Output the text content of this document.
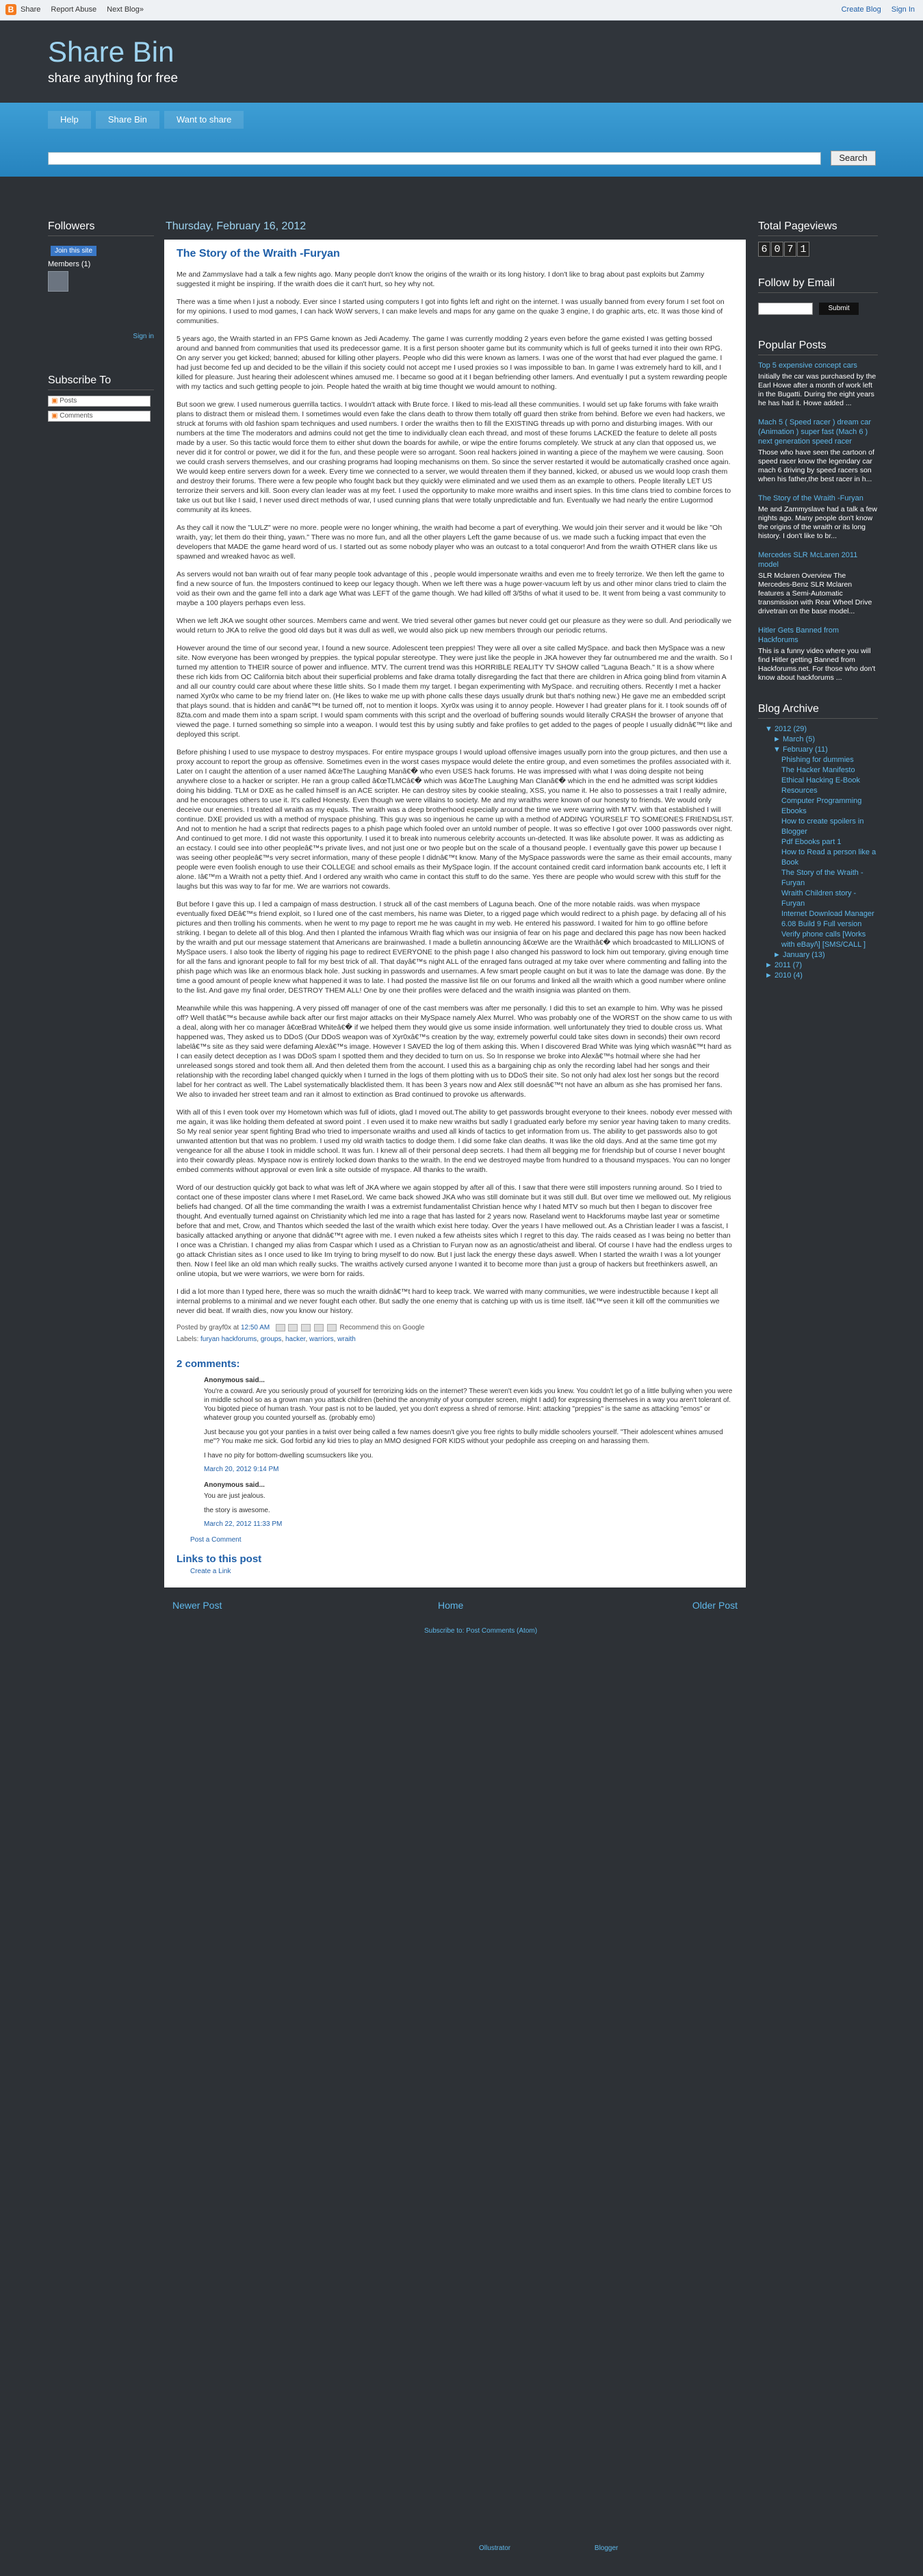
B Share Report Abuse Next Blog»	Create Blog Sign In
Share Bin
share anything for free
Help	Share Bin	Want to share
Search
Followers
Join this site
Members (1)
Sign in
Subscribe To
▣ Posts
▣ Comments
Thursday, February 16, 2012
The Story of the Wraith -Furyan

Me and Zammyslave had a talk a few nights ago. Many people don't know the origins of the wraith or its long history. I don't like to brag about past exploits but Zammy suggested it might be inspiring. If the wraith does die it can't hurt, so hey why not.

There was a time when I just a nobody. Ever since I started using computers I got into fights left and right on the internet. I was usually banned from every forum I set foot on for my opinions. I used to mod games, I can hack WoW servers, I can make levels and maps for any game on the quake 3 engine, I do graphic arts, etc. It was those kind of communities.

5 years ago, the Wraith started in an FPS Game known as Jedi Academy. The game I was currently modding 2 years even before the game existed I was getting bossed around and banned from communities that used its predecessor game. It is a first person shooter game but its community which is full of geeks turned it into their own RPG. On any server you get kicked; banned; abused for killing other players. People who did this were known as lamers. I was one of the worst that had ever plagued the game. I had just become fed up and decided to be the villain if this society could not accept me I used proxies so I was impossible to ban. In game I was extremely hard to kill, and I killed for pleasure. Just hearing their adolescent whines amused me. I became so good at it I began befriending other lamers. And eventually I put a system rewarding people with my tactics and such getting people to join. People hated the wraith at big time thought we would amount to nothing.

But soon we grew. I used numerous guerrilla tactics. I wouldn't attack with Brute force. I liked to mis-lead all these communities. I would set up fake forums with fake wraith plans to distract them or mislead them. I sometimes would even fake the clans death to throw them totally off guard then strike from behind. Before we even had hackers, we struck at forums with old fashion spam techniques and used numbers. I order the wraiths then to fill the EXISTING threads up with porno and disturbing images. With our numbers at the time The moderators and admins could not get the time to individually clean each thread, and most of these forums LACKED the feature to delete all posts made by a user. So this tactic would force them to either shut down the boards for awhile, or wipe the entire forums completely. We struck at any clan that opposed us, we never did it for control or power, we did it for the fun, and these people were so arrogant. Soon real hackers joined in wanting a piece of the mayhem we were causing. Soon we could crash servers themselves, and our crashing programs had looping mechanisms on them. So since the server restarted it would be automatically crashed once again. We would keep entire servers down for a week. Every time we connected to a server, we would threaten them if they banned, kicked, or abused us we would loop crash them and destroy their forums. There were a few people who fought back but they quickly were eliminated and we used them as an example to others. People literally LET US terrorize their servers and kill. Soon every clan leader was at my feet. I used the opportunity to make more wraiths and insert spies. In this time clans tried to combine forces to take us out but like I said, I never used direct methods of war, I used cunning plans that were totally unpredictable and fun. Eventually we had nearly the entire Lugormod community at its knees.

As they call it now the "LULZ" were no more. people were no longer whining, the wraith had become a part of everything. We would join their server and it would be like "Oh wraith, yay; let them do their thing, yawn." There was no more fun, and all the other players Left the game because of us. we made such a fucking impact that even the developers that MADE the game heard word of us. I started out as some nobody player who was an outcast to a total conqueror! And from the wraith OTHER clans like us spawned and wreaked havoc as well.

As servers would not ban wraith out of fear many people took advantage of this , people would impersonate wraiths and even me to freely terrorize. We then left the game to find a new source of fun. the Imposters continued to keep our legacy though. When we left there was a huge power-vacuum left by us and other minor clans tried to claim the void as their own and the game fell into a dark age What was LEFT of the game though. We had killed off 3/5ths of what it used to be. It went from being a vast community to maybe a 100 players perhaps even less.

When we left JKA we sought other sources. Members came and went. We tried several other games but never could get our pleasure as they were so dull. And periodically we would return to JKA to relive the good old days but it was dull as well, we would also pick up new members through our periodic returns.

However around the time of our second year, I found a new source. Adolescent teen preppies! They were all over a site called MySpace. and back then MySpace was a new site. Now everyone has been wronged by preppies. the typical popular stereotype. They were just like the people in JKA however they far outnumbered me and the wraith. So I turned my attention to THEIR source of power and influence. MTV. The current trend was this HORRIBLE REALITY TV SHOW called "Laguna Beach." It is a show where these rich kids from OC California bitch about their superficial problems and fake drama totally disregarding the fact that there are children in Africa going blind from vitamin A and all our country could care about where these little shits. So I made them my target. I began experimenting with MySpace. and recruiting others. Recently I met a hacker named Xyr0x who came to be my friend later on. (He likes to wake me up with phone calls these days usually drunk but that's nothing new.) He gave me an embedded script that plays sound. that is hidden and canâ€™t be turned off, not to mention it loops. Xyr0x was using it to annoy people. However I had greater plans for it. I took sounds off of 8Zta.com and made them into a spam script. I would spam comments with this script and the overload of buffering sounds would literally CRASH the browser of anyone that viewed the page. I turned something so simple into a weapon. I would test this by using subtly and fake profiles to get added to the pages of people I usually didnâ€™t like and deployed this script.

Before phishing I used to use myspace to destroy myspaces. For entire myspace groups I would upload offensive images usually porn into the group pictures, and then use a proxy account to report the group as offensive. Sometimes even in the worst cases myspace would delete the entire group, and even sometimes the profiles associated with it. Later on I caught the attention of a user named â€œThe Laughing Manâ€� who even USES hack forums. He was impressed with what I was doing despite not being anywhere close to a hacker or scripter. He ran a group called â€œTLMCâ€� which was â€œThe Laughing Man Clanâ€� which in the end he admitted was script kiddies doing his bidding. TLM or DXE as he called himself is an ACE scripter. He can destroy sites by cookie stealing, XSS, you name it. He also to possesses a trait I really admire, and he encourages others to use it. It's called Honesty. Even though we were villains to society. Me and my wraiths were known of our honesty to friends. We would only deceive our enemies. I treated all wraith as my equals. The wraith was a deep brotherhood especially around the time we were warring with MTV. with that established I will continue. DXE provided us with a method of myspace phishing. This guy was so ingenious he came up with a method of ADDING YOURSELF TO SOMEONES FRIENDSLIST. And not to mention he had a script that redirects pages to a phish page which fooled over an untold number of people. It was so effective I got over 1000 passwords over night. And continued to get more. I did not waste this opportunity. I used it to break into numerous celebrity accounts un-detected. It was like absolute power. It was as addicting as an ecstacy. I could see into other peopleâ€™s private lives, and not just one or two people but on the scale of a thousand people. I eventually gave this power up because I was seeing other peopleâ€™s very secret information, many of these people I didnâ€™t know. Many of the MySpace passwords were the same as their email accounts, many people were even foolish enough to use their COLLEGE and school emails as their MySpace login. If the account contained credit card information bank accounts etc, I left it alone. Iâ€™m a Wraith not a petty thief. And I ordered any wraith who came in contact this stuff to do the same. Yes there are people who would screw with this stuff for the laughs but this was way to far for me. We are warriors not cowards.

But before I gave this up. I led a campaign of mass destruction. I struck all of the cast members of Laguna beach. One of the more notable raids. was when myspace eventually fixed DEâ€™s friend exploit, so I lured one of the cast members, his name was Dieter, to a rigged page which would redirect to a phish page. by defacing all of his pictures and then trolling his comments. when he went to my page to report me he was caught in my web. He entered his password. I waited for him to go offline before striking. I began to delete all of this blog. And then I planted the infamous Wraith flag which was our insignia of fear on his page and declared this page has now been hacked by the wraith and put our message statement that Americans are brainwashed. I made a bulletin announcing â€œWe are the Wraithâ€� which broadcasted to MILLIONS of MySpace users. I also took the liberty of rigging his page to redirect EVERYONE to the phish page I also changed his password to lock him out temporary, giving enough time for all the fans and ignorant people to fall for my best trick of all. That dayâ€™s night ALL of the enraged fans outraged at my take over where commenting and falling into the phish page which was like an enormous black hole. Just sucking in passwords and usernames. A few smart people caught on but it was to late the damage was done. By the time a good amount of people knew what happened it was to late. I had posted the massive list file on our forums and linked all the wraith which a good number where online to the list. And gave my final order, DESTROY THEM ALL! One by one their profiles were defaced and the wraith insignia was planted on them.

Meanwhile while this was happening. A very pissed off manager of one of the cast members was after me personally. I did this to set an example to him. Why was he pissed off? Well thatâ€™s because awhile back after our first major attacks on their MySpace namely Alex Murrel. Who was probably one of the WORST on the show came to us with a deal, along with her co manager â€œBrad Whiteâ€� if we helped them they would give us some inside information. well unfortunately they tried to double cross us. What happened was, They asked us to DDoS (Our DDoS weapon was of Xyr0xâ€™s creation by the way, extremely powerful could take sites down in seconds) their own record labelâ€™s site as they said were defaming Alexâ€™s image. However I SAVED the log of them asking this. When I discovered Brad White was lying which wasnâ€™t hard as I can easily detect deception as I was DDoS spam I spotted them and they decided to turn on us. So In response we broke into Alexâ€™s hotmail where she had her unreleased songs stored and took them all. And then deleted them from the account. I used this as a bargaining chip as only the recording label had her songs and their relationship with the recording label changed quickly when I turned in the logs of them plotting with us to DDoS their site. So not only had alex lost her songs but the record label for her contract as well. The Label systematically blacklisted them. It has been 3 years now and Alex still doesnâ€™t not have an album as she has promised her fans. We also to invaded her street team and ran it almost to extinction as Brad continued to provoke us afterwards.

With all of this I even took over my Hometown which was full of idiots, glad I moved out.The ability to get passwords brought everyone to their knees. nobody ever messed with me again, it was like holding them defeated at sword point . I even used it to make new wraiths but sadly I graduated early before my senior year having taken to many credits. So My real senior year spent fighting Brad who tried to impersonate wraiths and used all kinds of tactics to get information from us. The ability to get passwords also to got unwanted attention but that was no problem. I used my old wraith tactics to dodge them. I did some fake clan deaths. It was like the old days. And at the same time got my vengeance for all the abuse I took in middle school. It was fun. I knew all of their personal deep secrets. I had them all begging me for friendship but of course I never bought into their cowardly pleas. Myspace now is entirely locked down thanks to the wraith. In the end we destroyed maybe from hundred to a thousand myspaces. You can no longer embed comments without approval or even link a site outside of myspace. All thanks to the wraith.

Word of our destruction quickly got back to what was left of JKA where we again stopped by after all of this. I saw that there were still imposters running around. So I tried to contact one of these imposter clans where I met RaseLord. We came back showed JKA who was still dominate but it was still dull. But over time we mellowed out. My religious beliefs had changed. Of all the time commanding the wraith I was a extremist fundamentalist Christian hence why I hated MTV so much but then I began to discover free thought. And eventually turned against on Christianity which led me into a rage that has lasted for 2 years now. Raseland went to Hackforums maybe last year or sometime before that and met, Crow, and Thantos which seeded the last of the wraith which exist here today. Over the years I have mellowed out. As a Christian leader I was a fascist, I basically attacked anything or anyone that didnâ€™t agree with me. I even nuked a few atheists sites which I regret to this day. The raids ceased as I was being no better than I once was a Christian. I changed my alias from Caspar which I used as a Christian to Furyan now as an agnostic/atheist and liberal. Of course I have had the endless urges to go attack Christian sites as I once used to like Im trying to bring myself to do now. But I just lack the energy these days aswell. When I started the wraith I was a lot younger then. Now I feel like an old man which really sucks. The wraiths actively cursed anyone I wanted it to become more than just a group of hackers but freethinkers aswell, an online utopia, but we were warriors, we were born for raids.

I did a lot more than I typed here, there was so much the wraith didnâ€™t hard to keep track. We warred with many communities, we were indestructible because I kept all internal problems to a minimal and we never fought each other. But sadly the one enemy that is catching up with us is time itself. Iâ€™ve seen it kill off the communities we never did beat. If wraith dies, now you know our history.

Posted by grayf0x at 12:50 AM	Recommend this on Google
Labels: furyan hackforums, groups, hacker, warriors, wraith
2 comments:
Anonymous said...

You're a coward. Are you seriously proud of yourself for terrorizing kids on the internet? These weren't even kids you knew. You couldn't let go of a little bullying when you were in middle school so as a grown man you attack children (behind the anonymity of your computer screen, might I add) for expressing themselves in a way you aren't tolerant of. You bigoted piece of human trash. Your past is not to be lauded, yet you don't express a shred of remorse. Hint: attacking "preppies" is the same as attacking "emos" or whatever group you counted yourself as. (probably emo)

Just because you got your panties in a twist over being called a few names doesn't give you free rights to bully middle schoolers yourself. "Their adolescent whines amused me"? You make me sick. God forbid any kid tries to play an MMO designed FOR KIDS without your pedophile ass creeping on and harassing them.

I have no pity for bottom-dwelling scumsuckers like you.

March 20, 2012 9:14 PM
Anonymous said...

You are just jealous.

the story is awesome.

March 22, 2012 11:33 PM
Post a Comment
Links to this post
Create a Link
Newer Post	Home	Older Post
Subscribe to: Post Comments (Atom)
Total Pageviews
6 0 7 1
Follow by Email
Submit
Popular Posts
Top 5 expensive concept cars
Initially the car was purchased by the Earl Howe after a month of work left in the Bugatti. During the eight years he has had it. Howe added ...
Mach 5 ( Speed racer ) dream car (Animation ) super fast (Mach 6 ) next generation speed racer
Those who have seen the cartoon of speed racer know the legendary car mach 6 driving by speed racers son when his father,the best racer in h...
The Story of the Wraith -Furyan
Me and Zammyslave had a talk a few nights ago. Many people don't know the origins of the wraith or its long history. I don't like to br...
Mercedes SLR McLaren 2011 model
SLR Mclaren Overview The Mercedes-Benz SLR Mclaren features a Semi-Automatic transmission with Rear Wheel Drive drivetrain on the base model...
Hitler Gets Banned from Hackforums
This is a funny video where you will find Hitler getting Banned from Hackforums.net. For those who don't know about hackforums ...
Blog Archive
▼ 2012 (29)
► March (5)
▼ February (11)
Phishing for dummies
The Hacker Manifesto
Ethical Hacking E-Book Resources
Computer Programming Ebooks
How to create spoilers in Blogger
Pdf Ebooks part 1
How to Read a person like a Book
The Story of the Wraith -Furyan
Wraith Children story - Furyan
Internet Download Manager 6.08 Build 9 Full version
Verify phone calls [Works with eBay/\] [SMS/CALL ]
► January (13)
► 2011 (7)
► 2010 (4)
Ollustrator	Blogger
